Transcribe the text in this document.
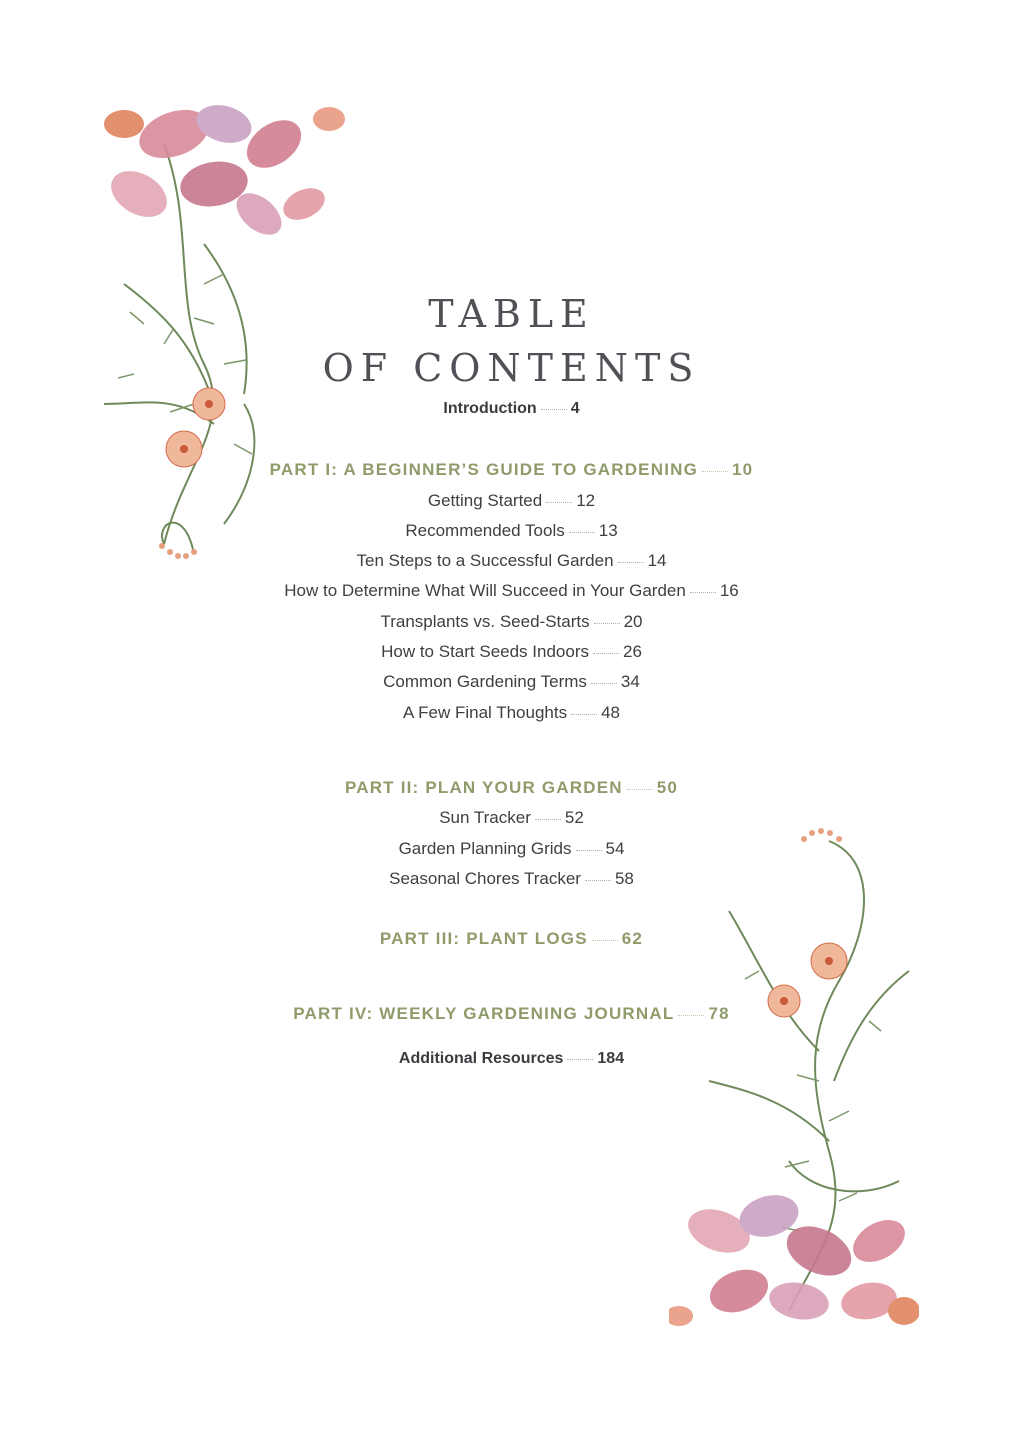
TABLE
OF CONTENTS
Introduction 4
PART I: A BEGINNER’S GUIDE TO GARDENING 10
Getting Started 12
Recommended Tools 13
Ten Steps to a Successful Garden 14
How to Determine What Will Succeed in Your Garden 16
Transplants vs. Seed-Starts 20
How to Start Seeds Indoors 26
Common Gardening Terms 34
A Few Final Thoughts 48
PART II: PLAN YOUR GARDEN 50
Sun Tracker 52
Garden Planning Grids 54
Seasonal Chores Tracker 58
PART III: PLANT LOGS 62
PART IV: WEEKLY GARDENING JOURNAL 78
Additional Resources 184
